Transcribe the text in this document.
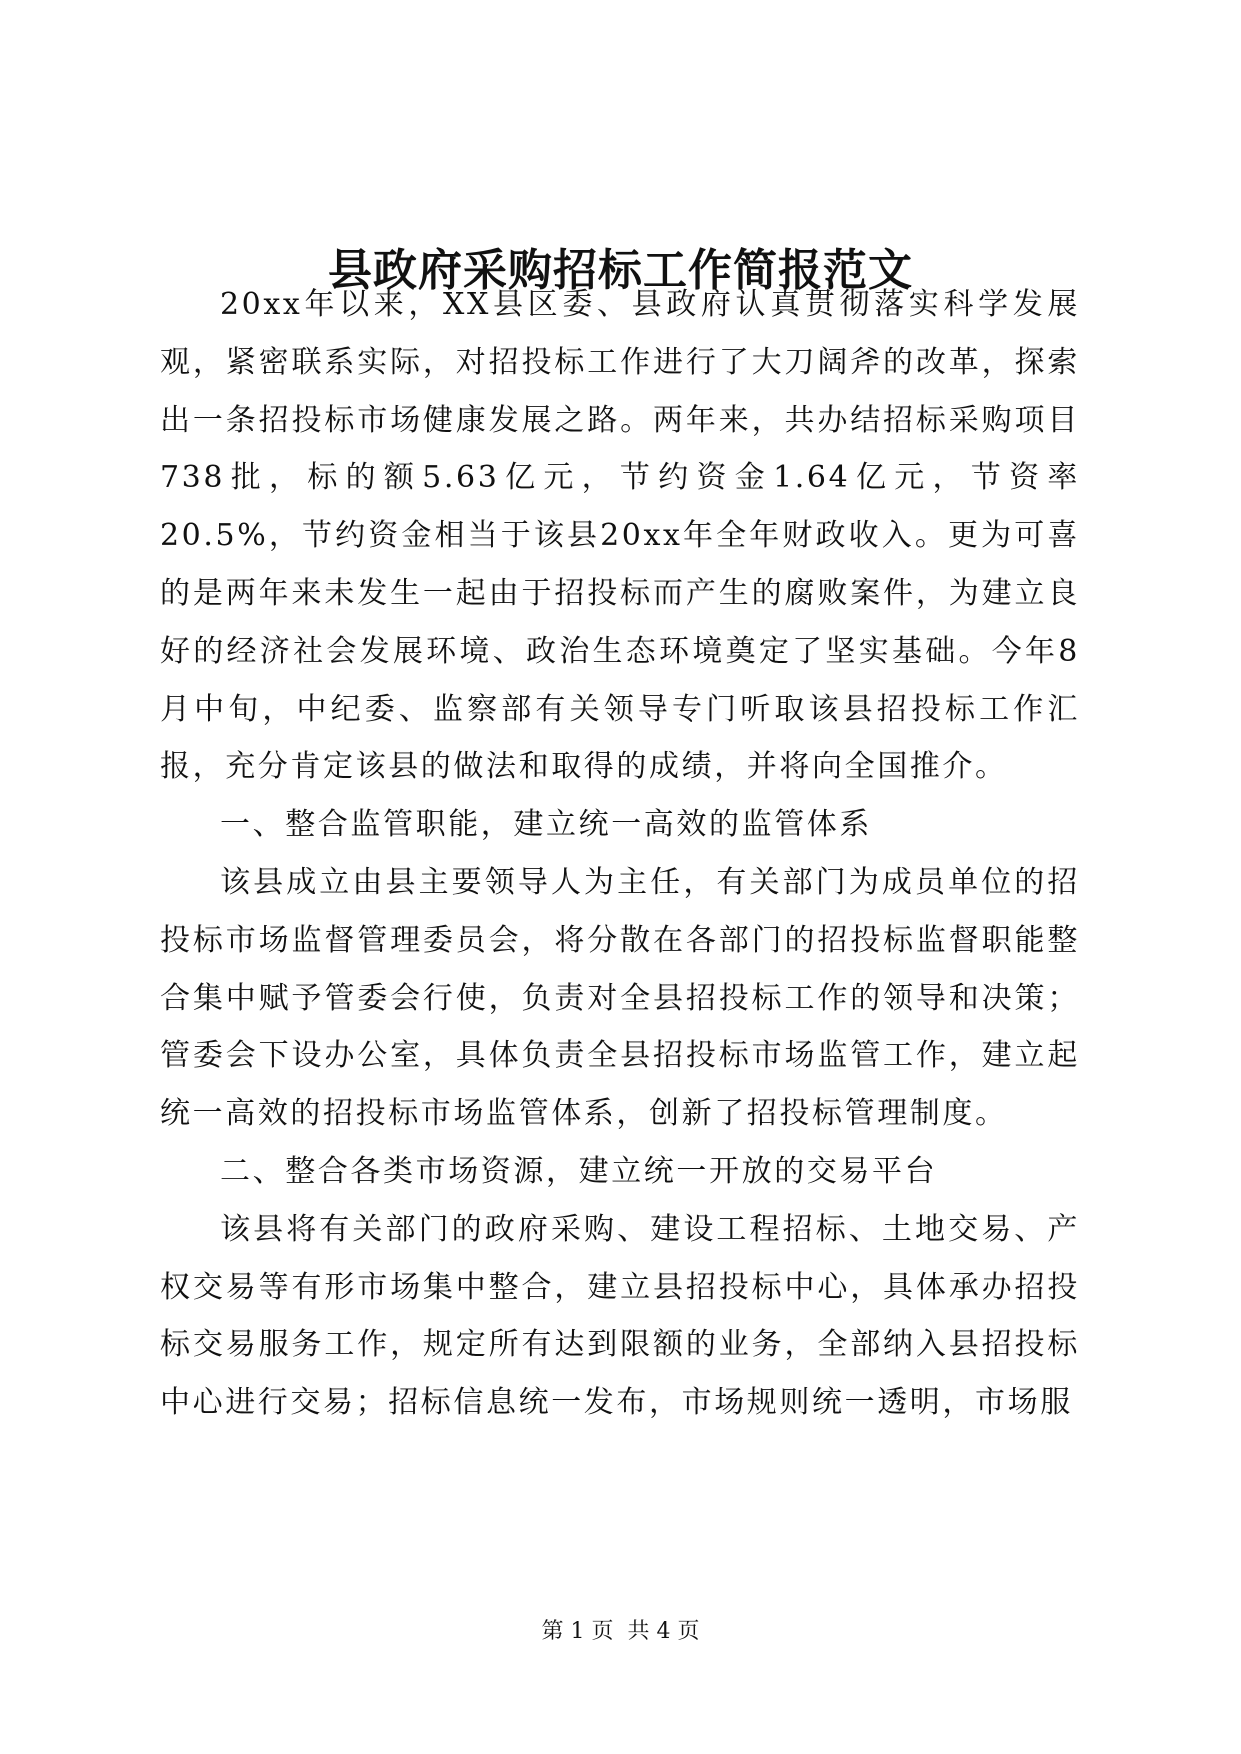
县政府采购招标工作简报范文

20xx年以来，XX县区委、县政府认真贯彻落实科学发展观，紧密联系实际，对招投标工作进行了大刀阔斧的改革，探索出一条招投标市场健康发展之路。两年来，共办结招标采购项目738批，标的额5.63亿元，节约资金1.64亿元，节资率20.5%，节约资金相当于该县20xx年全年财政收入。更为可喜的是两年来未发生一起由于招投标而产生的腐败案件，为建立良好的经济社会发展环境、政治生态环境奠定了坚实基础。今年8月中旬，中纪委、监察部有关领导专门听取该县招投标工作汇报，充分肯定该县的做法和取得的成绩，并将向全国推介。

一、整合监管职能，建立统一高效的监管体系

该县成立由县主要领导人为主任，有关部门为成员单位的招投标市场监督管理委员会，将分散在各部门的招投标监督职能整合集中赋予管委会行使，负责对全县招投标工作的领导和决策；管委会下设办公室，具体负责全县招投标市场监管工作，建立起统一高效的招投标市场监管体系，创新了招投标管理制度。

二、整合各类市场资源，建立统一开放的交易平台

该县将有关部门的政府采购、建设工程招标、土地交易、产权交易等有形市场集中整合，建立县招投标中心，具体承办招投标交易服务工作，规定所有达到限额的业务，全部纳入县招投标中心进行交易；招标信息统一发布，市场规则统一透明，市场服

第 1 页  共 4 页
